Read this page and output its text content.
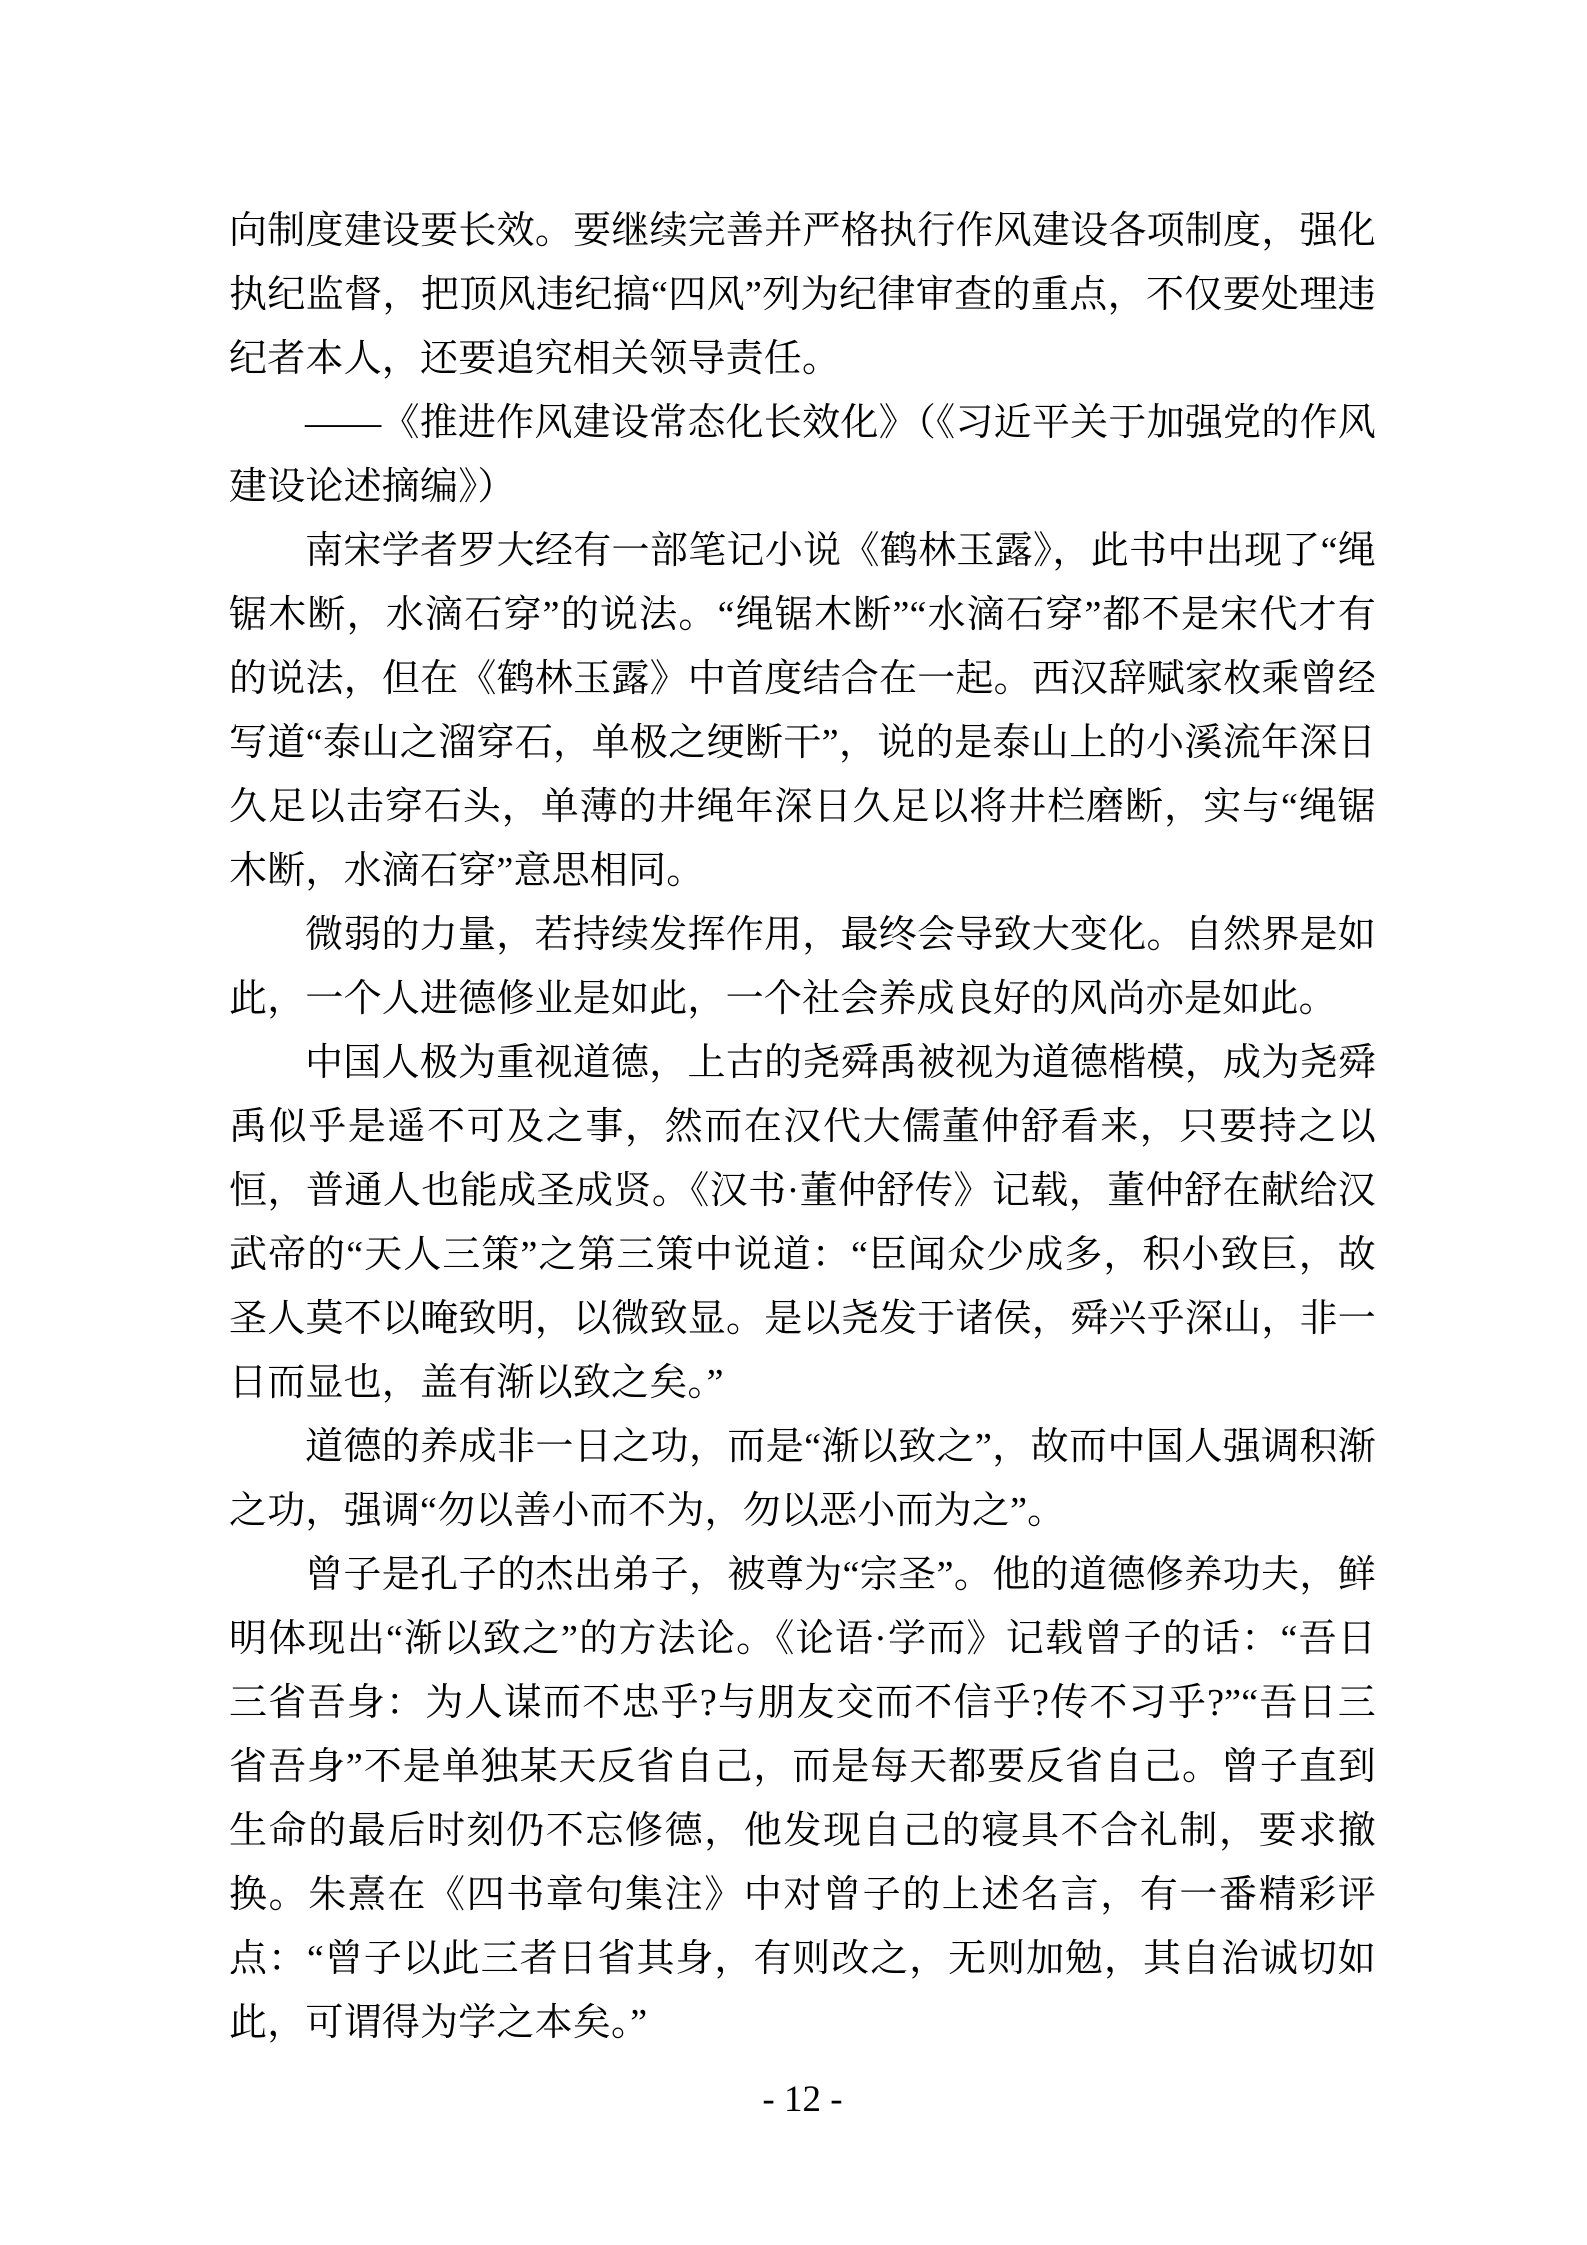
向制度建设要长效。要继续完善并严格执行作风建设各项制度，强化执纪监督，把顶风违纪搞“四风”列为纪律审查的重点，不仅要处理违纪者本人，还要追究相关领导责任。

——《推进作风建设常态化长效化》（《习近平关于加强党的作风建设论述摘编》）

南宋学者罗大经有一部笔记小说《鹤林玉露》，此书中出现了“绳锯木断，水滴石穿”的说法。“绳锯木断”“水滴石穿”都不是宋代才有的说法，但在《鹤林玉露》中首度结合在一起。西汉辞赋家枚乘曾经写道“泰山之溜穿石，单极之绠断干”，说的是泰山上的小溪流年深日久足以击穿石头，单薄的井绳年深日久足以将井栏磨断，实与“绳锯木断，水滴石穿”意思相同。

微弱的力量，若持续发挥作用，最终会导致大变化。自然界是如此，一个人进德修业是如此，一个社会养成良好的风尚亦是如此。

中国人极为重视道德，上古的尧舜禹被视为道德楷模，成为尧舜禹似乎是遥不可及之事，然而在汉代大儒董仲舒看来，只要持之以恒，普通人也能成圣成贤。《汉书·董仲舒传》记载，董仲舒在献给汉武帝的“天人三策”之第三策中说道：“臣闻众少成多，积小致巨，故圣人莫不以晻致明，以微致显。是以尧发于诸侯，舜兴乎深山，非一日而显也，盖有渐以致之矣。”

道德的养成非一日之功，而是“渐以致之”，故而中国人强调积渐之功，强调“勿以善小而不为，勿以恶小而为之”。

曾子是孔子的杰出弟子，被尊为“宗圣”。他的道德修养功夫，鲜明体现出“渐以致之”的方法论。《论语·学而》记载曾子的话：“吾日三省吾身：为人谋而不忠乎?与朋友交而不信乎?传不习乎?”“吾日三省吾身”不是单独某天反省自己，而是每天都要反省自己。曾子直到生命的最后时刻仍不忘修德，他发现自己的寝具不合礼制，要求撤换。朱熹在《四书章句集注》中对曾子的上述名言，有一番精彩评点：“曾子以此三者日省其身，有则改之，无则加勉，其自治诚切如此，可谓得为学之本矣。”

- 12 -
